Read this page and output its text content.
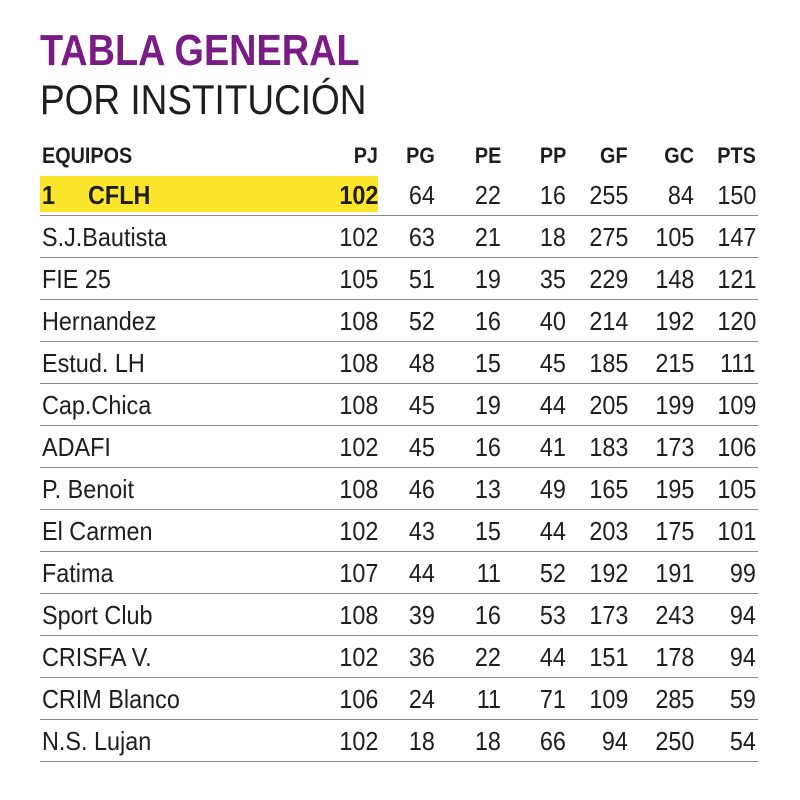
TABLA GENERAL
POR INSTITUCIÓN
EQUIPOS	PJ PG PE PP GF GC PTS
1 CFLH	102 64 22 16 255 84 150
S.J.Bautista	102 63 21 18 275 105 147
FIE 25	105 51 19 35 229 148 121
Hernandez	108 52 16 40 214 192 120
Estud. LH	108 48 15 45 185 215 111
Cap.Chica	108 45 19 44 205 199 109
ADAFI	102 45 16 41 183 173 106
P. Benoit	108 46 13 49 165 195 105
El Carmen	102 43 15 44 203 175 101
Fatima	107 44 11 52 192 191 99
Sport Club	108 39 16 53 173 243 94
CRISFA V.	102 36 22 44 151 178 94
CRIM Blanco	106 24 11 71 109 285 59
N.S. Lujan	102 18 18 66 94 250 54
